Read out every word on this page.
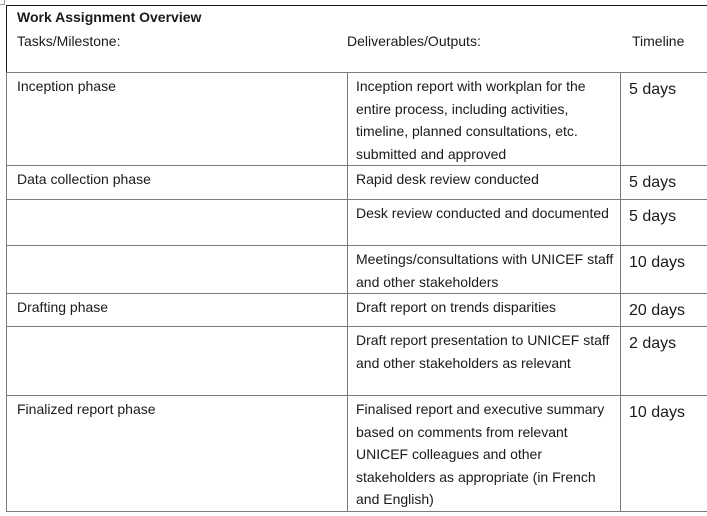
Work Assignment Overview
Tasks/Milestone:	Deliverables/Outputs:	Timeline
Inception phase	Inception report with workplan for the entire process, including activities, timeline, planned consultations, etc. submitted and approved	5 days	

Data collection phase	Rapid desk review conducted	5 days	

	Desk review conducted and documented	5 days	

	Meetings/consultations with UNICEF staff and other stakeholders	10 days	

Drafting phase	Draft report on trends disparities	20 days	

	Draft report presentation to UNICEF staff and other stakeholders as relevant	2 days	

Finalized report phase	Finalised report and executive summary based on comments from relevant UNICEF colleagues and other stakeholders as appropriate (in French and English)	10 days	
